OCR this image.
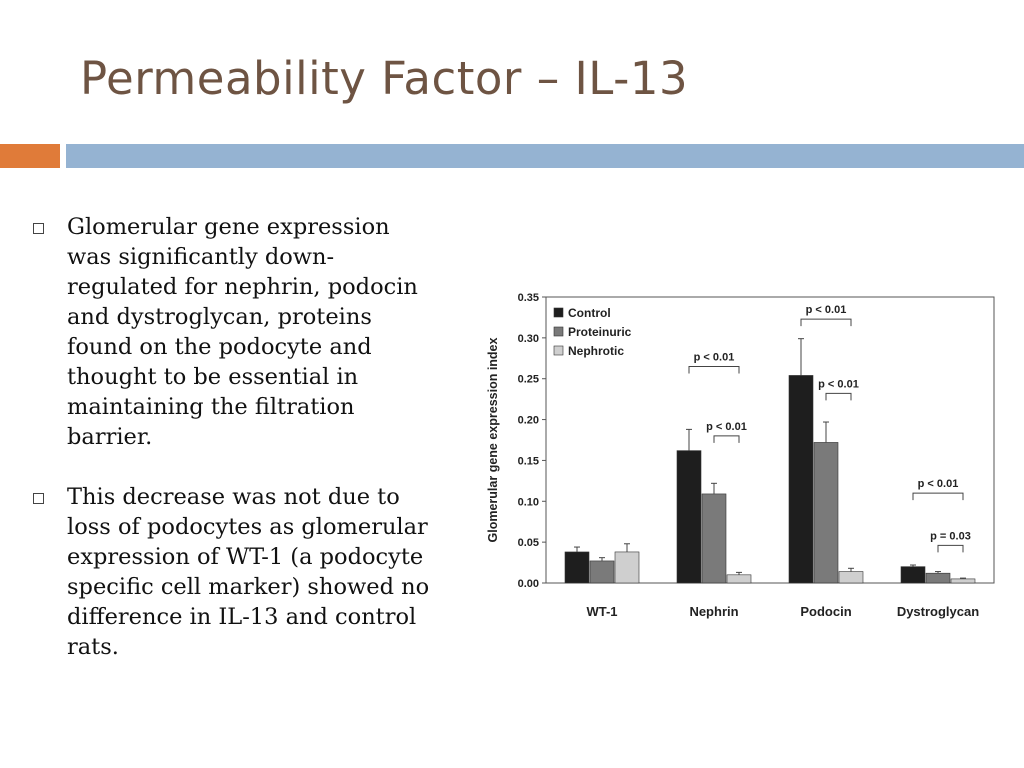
Permeability Factor – IL-13
Glomerular gene expression was significantly down-regulated for nephrin, podocin and dystroglycan, proteins found on the podocyte and thought to be essential in maintaining the filtration barrier.
This decrease was not due to loss of podocytes as glomerular expression of WT-1 (a podocyte specific cell marker) showed no difference in IL-13 and control rats.
0.00
0.05
0.10
0.15
0.20
0.25
0.30
0.35
Glomerular gene expression index
WT-1	Nephrin	Podocin	Dystroglycan
p < 0.01
p < 0.01
p < 0.01
p < 0.01
p < 0.01
p = 0.03
Control
Proteinuric
Nephrotic
